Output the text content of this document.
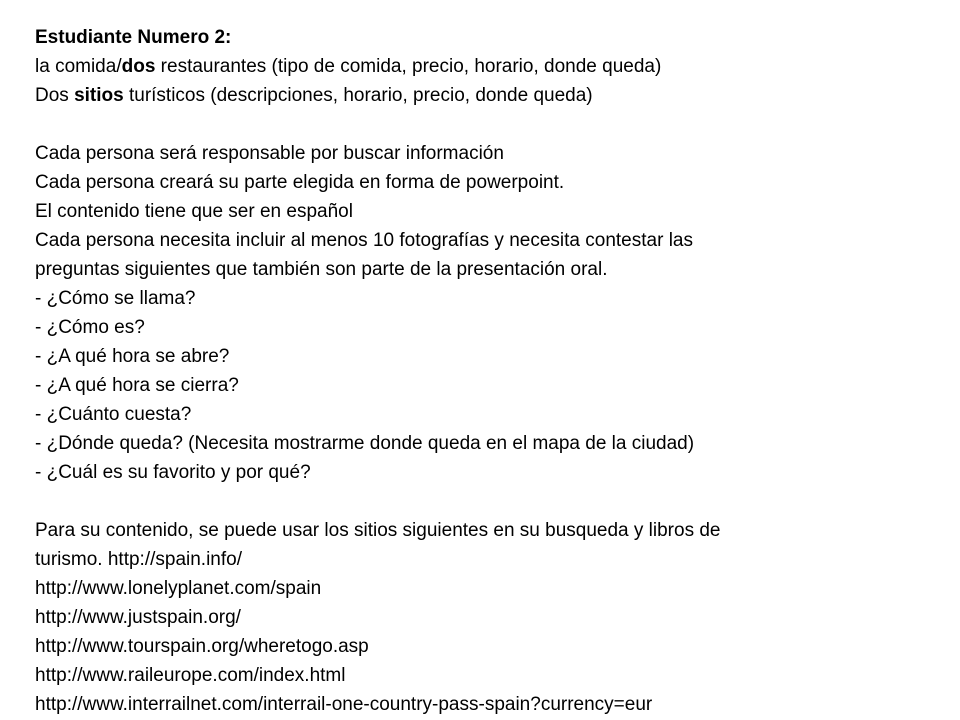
Estudiante Numero 2:
la comida/dos restaurantes (tipo de comida, precio, horario, donde queda)
Dos sitios turísticos (descripciones, horario, precio, donde queda)
Cada persona será responsable por buscar información
Cada persona creará su parte elegida en forma de powerpoint.
El contenido tiene que ser en español
Cada persona necesita incluir al menos 10 fotografías y necesita contestar las
preguntas siguientes que también son parte de la presentación oral.
- ¿Cómo se llama?
- ¿Cómo es?
- ¿A qué hora se abre?
- ¿A qué hora se cierra?
- ¿Cuánto cuesta?
- ¿Dónde queda? (Necesita mostrarme donde queda en el mapa de la ciudad)
- ¿Cuál es su favorito y por qué?
Para su contenido, se puede usar los sitios siguientes en su busqueda y libros de
turismo. http://spain.info/
http://www.lonelyplanet.com/spain
http://www.justspain.org/
http://www.tourspain.org/wheretogo.asp
http://www.raileurope.com/index.html
http://www.interrailnet.com/interrail-one-country-pass-spain?currency=eur
